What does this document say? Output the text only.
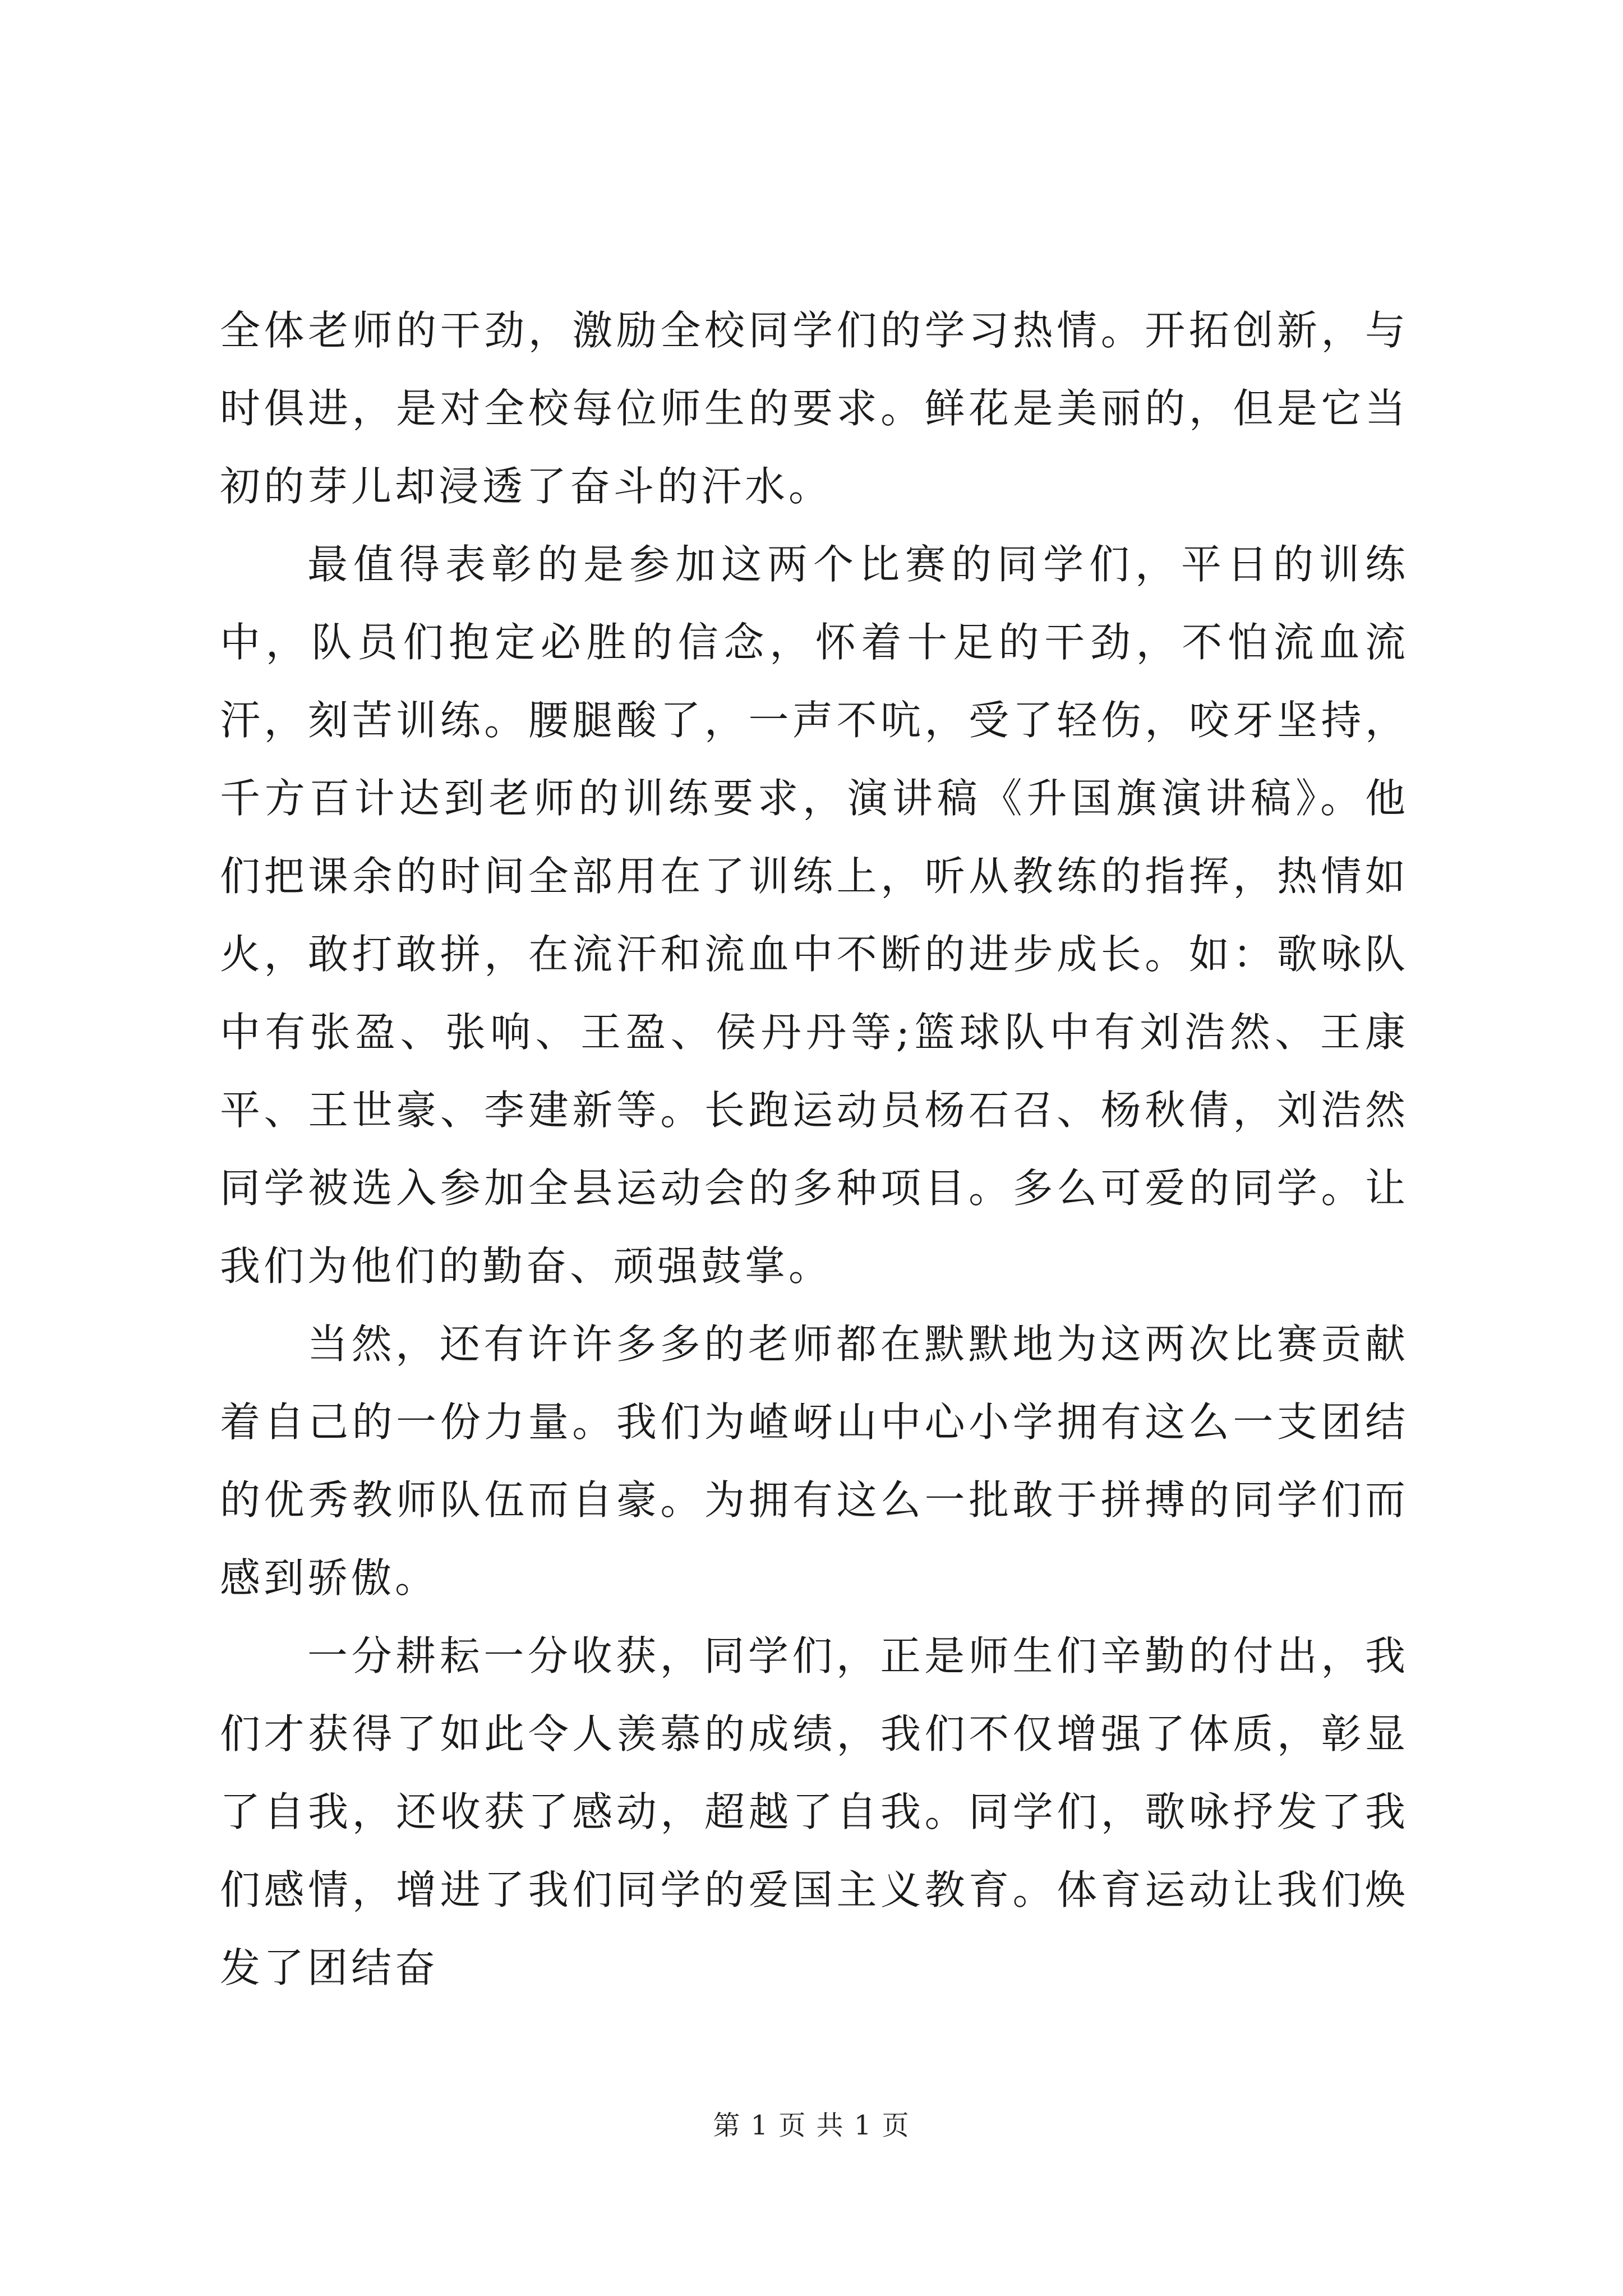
全体老师的干劲，激励全校同学们的学习热情。开拓创新，与时俱进，是对全校每位师生的要求。鲜花是美丽的，但是它当初的芽儿却浸透了奋斗的汗水。

最值得表彰的是参加这两个比赛的同学们，平日的训练中，队员们抱定必胜的信念，怀着十足的干劲，不怕流血流汗，刻苦训练。腰腿酸了，一声不吭，受了轻伤，咬牙坚持，千方百计达到老师的训练要求，演讲稿《升国旗演讲稿》。他们把课余的时间全部用在了训练上，听从教练的指挥，热情如火，敢打敢拼，在流汗和流血中不断的进步成长。如：歌咏队中有张盈、张响、王盈、侯丹丹等;篮球队中有刘浩然、王康平、王世豪、李建新等。长跑运动员杨石召、杨秋倩，刘浩然同学被选入参加全县运动会的多种项目。多么可爱的同学。让我们为他们的勤奋、顽强鼓掌。

当然，还有许许多多的老师都在默默地为这两次比赛贡献着自己的一份力量。我们为嵖岈山中心小学拥有这么一支团结的优秀教师队伍而自豪。为拥有这么一批敢于拼搏的同学们而感到骄傲。

一分耕耘一分收获，同学们，正是师生们辛勤的付出，我们才获得了如此令人羡慕的成绩，我们不仅增强了体质，彰显了自我，还收获了感动，超越了自我。同学们，歌咏抒发了我们感情，增进了我们同学的爱国主义教育。体育运动让我们焕发了团结奋

第 1 页 共 1 页
